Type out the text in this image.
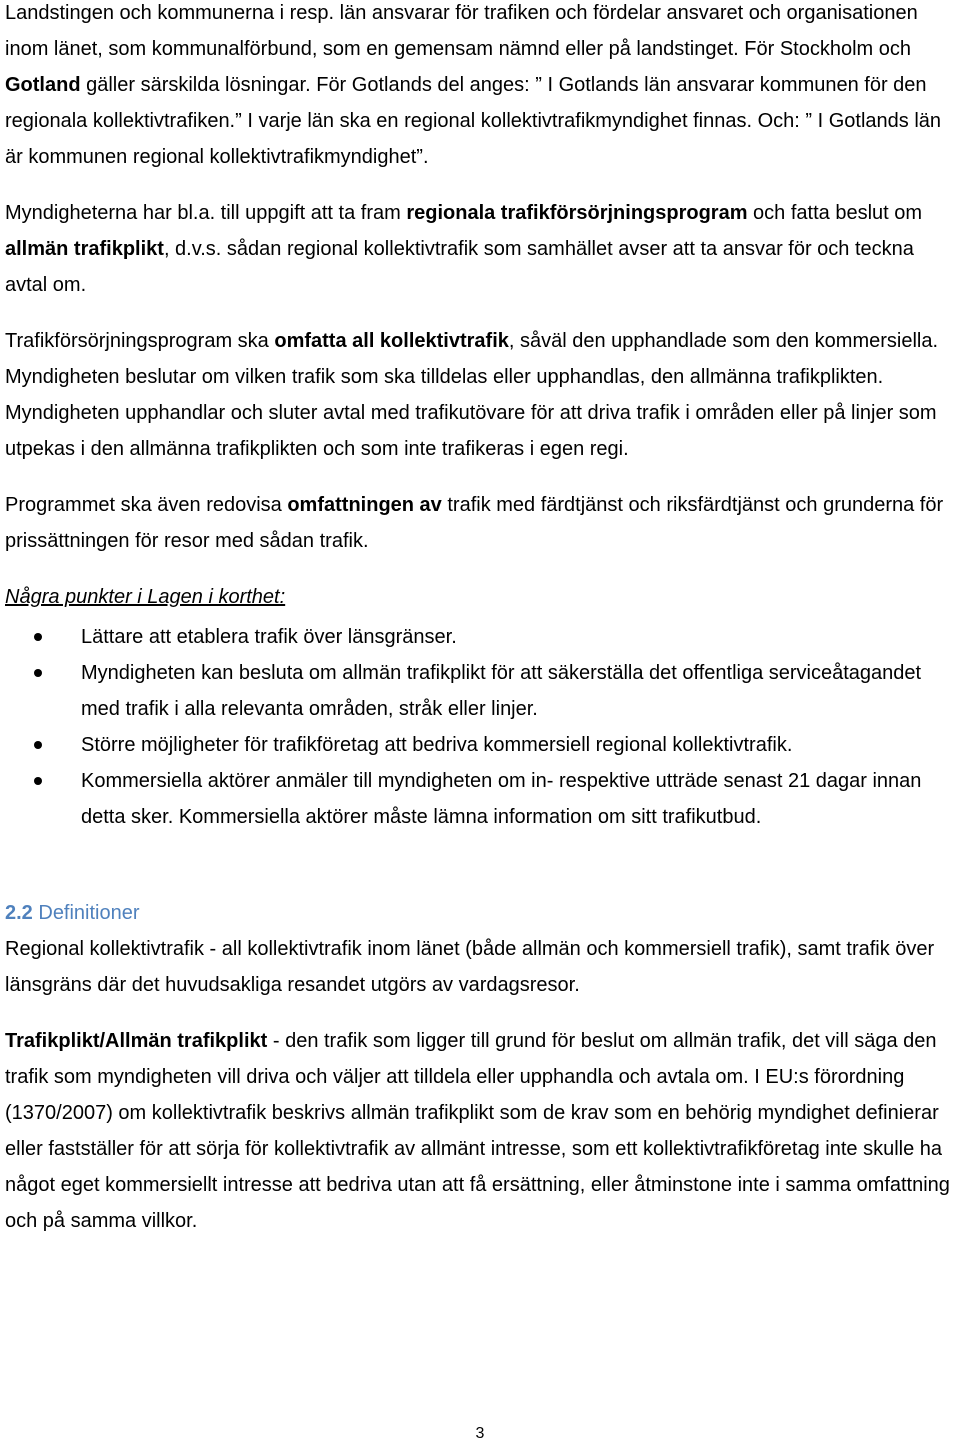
Landstingen och kommunerna i resp. län ansvarar för trafiken och fördelar ansvaret och organisationen inom länet, som kommunalförbund, som en gemensam nämnd eller på landstinget. För Stockholm och Gotland gäller särskilda lösningar. För Gotlands del anges: ” I Gotlands län ansvarar kommunen för den regionala kollektivtrafiken.” I varje län ska en regional kollektivtrafikmyndighet finnas. Och: ” I Gotlands län är kommunen regional kollektivtrafikmyndighet”.

Myndigheterna har bl.a. till uppgift att ta fram regionala trafikförsörjningsprogram och fatta beslut om allmän trafikplikt, d.v.s. sådan regional kollektivtrafik som samhället avser att ta ansvar för och teckna avtal om.

Trafikförsörjningsprogram ska omfatta all kollektivtrafik, såväl den upphandlade som den kommersiella. Myndigheten beslutar om vilken trafik som ska tilldelas eller upphandlas, den allmänna trafikplikten. Myndigheten upphandlar och sluter avtal med trafikutövare för att driva trafik i områden eller på linjer som utpekas i den allmänna trafikplikten och som inte trafikeras i egen regi.

Programmet ska även redovisa omfattningen av trafik med färdtjänst och riksfärdtjänst och grunderna för prissättningen för resor med sådan trafik.

Några punkter i Lagen i korthet:

Lättare att etablera trafik över länsgränser.
Myndigheten kan besluta om allmän trafikplikt för att säkerställa det offentliga serviceåtagandet med trafik i alla relevanta områden, stråk eller linjer.
Större möjligheter för trafikföretag att bedriva kommersiell regional kollektivtrafik.
Kommersiella aktörer anmäler till myndigheten om in- respektive utträde senast 21 dagar innan detta sker. Kommersiella aktörer måste lämna information om sitt trafikutbud.
2.2 Definitioner

Regional kollektivtrafik - all kollektivtrafik inom länet (både allmän och kommersiell trafik), samt trafik över länsgräns där det huvudsakliga resandet utgörs av vardagsresor.

Trafikplikt/Allmän trafikplikt - den trafik som ligger till grund för beslut om allmän trafik, det vill säga den trafik som myndigheten vill driva och väljer att tilldela eller upphandla och avtala om. I EU:s förordning (1370/2007) om kollektivtrafik beskrivs allmän trafikplikt som de krav som en behörig myndighet definierar eller fastställer för att sörja för kollektivtrafik av allmänt intresse, som ett kollektivtrafikföretag inte skulle ha något eget kommersiellt intresse att bedriva utan att få ersättning, eller åtminstone inte i samma omfattning och på samma villkor.

3
